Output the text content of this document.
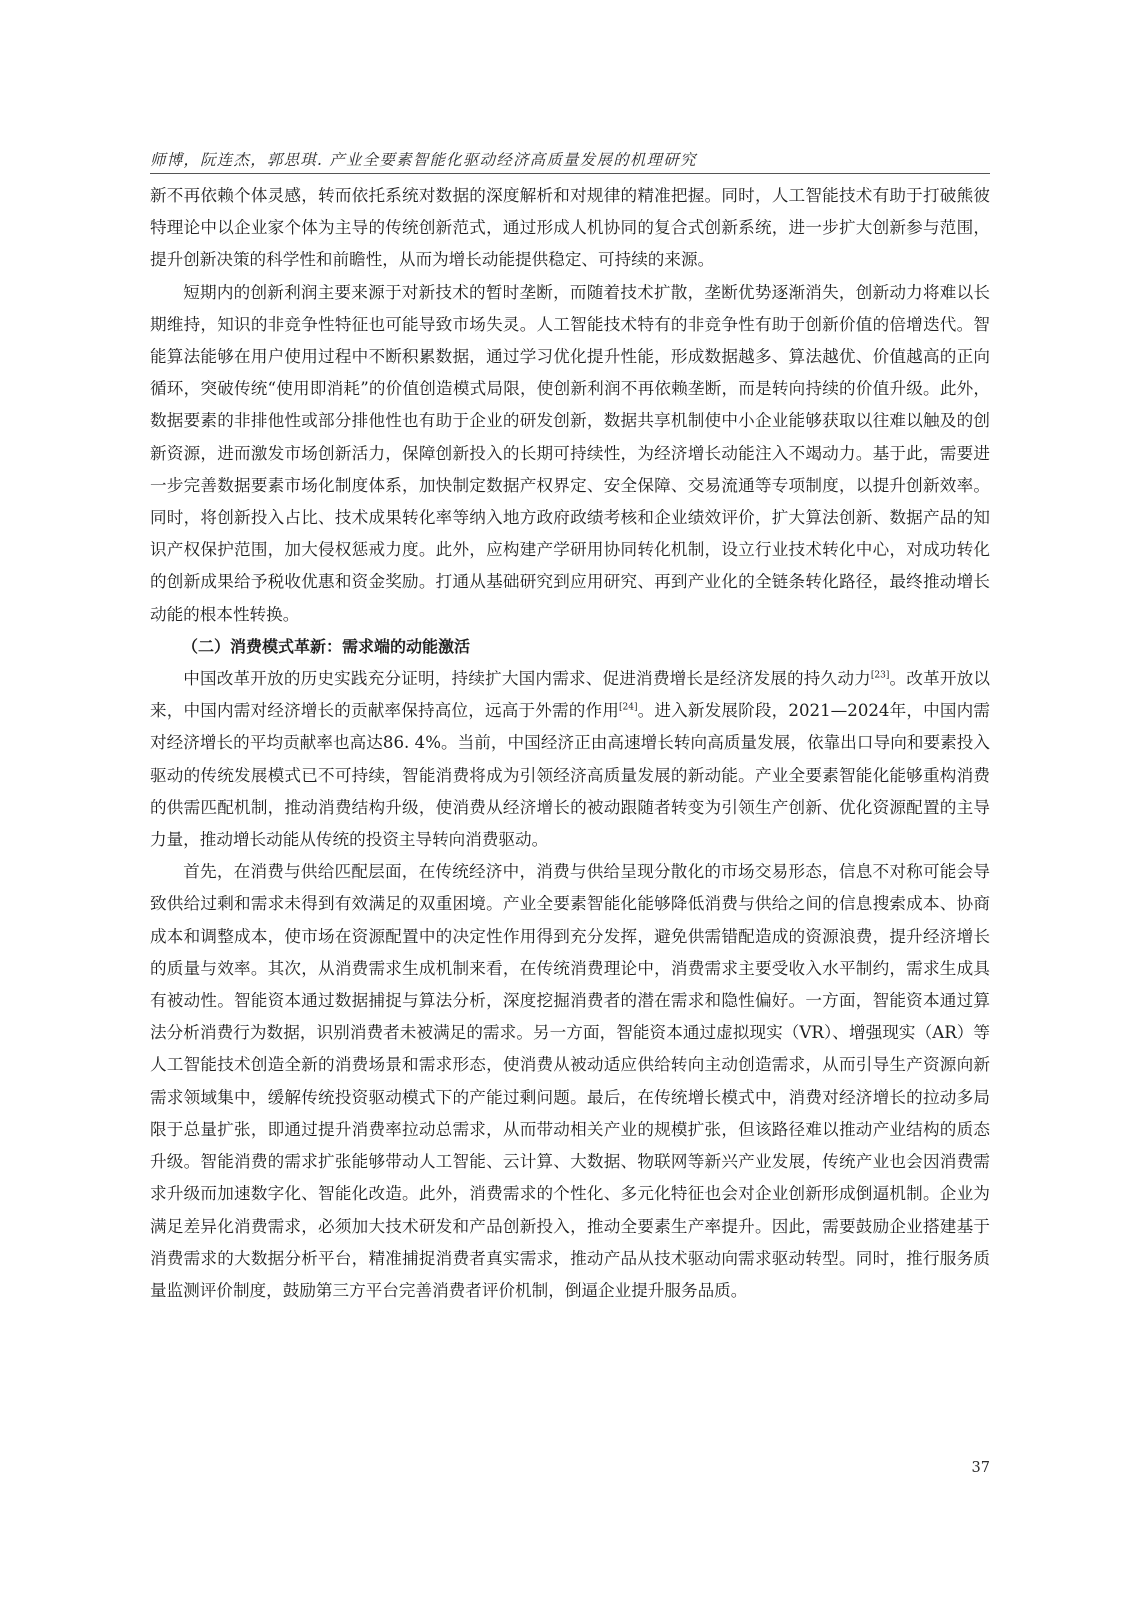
师博，阮连杰，郭思琪. 产业全要素智能化驱动经济高质量发展的机理研究

新不再依赖个体灵感，转而依托系统对数据的深度解析和对规律的精准把握。同时，人工智能技术有助于打破熊彼特理论中以企业家个体为主导的传统创新范式，通过形成人机协同的复合式创新系统，进一步扩大创新参与范围，提升创新决策的科学性和前瞻性，从而为增长动能提供稳定、可持续的来源。

短期内的创新利润主要来源于对新技术的暂时垄断，而随着技术扩散，垄断优势逐渐消失，创新动力将难以长期维持，知识的非竞争性特征也可能导致市场失灵。人工智能技术特有的非竞争性有助于创新价值的倍增迭代。智能算法能够在用户使用过程中不断积累数据，通过学习优化提升性能，形成数据越多、算法越优、价值越高的正向循环，突破传统“使用即消耗”的价值创造模式局限，使创新利润不再依赖垄断，而是转向持续的价值升级。此外，数据要素的非排他性或部分排他性也有助于企业的研发创新，数据共享机制使中小企业能够获取以往难以触及的创新资源，进而激发市场创新活力，保障创新投入的长期可持续性，为经济增长动能注入不竭动力。基于此，需要进一步完善数据要素市场化制度体系，加快制定数据产权界定、安全保障、交易流通等专项制度，以提升创新效率。同时，将创新投入占比、技术成果转化率等纳入地方政府政绩考核和企业绩效评价，扩大算法创新、数据产品的知识产权保护范围，加大侵权惩戒力度。此外，应构建产学研用协同转化机制，设立行业技术转化中心，对成功转化的创新成果给予税收优惠和资金奖励。打通从基础研究到应用研究、再到产业化的全链条转化路径，最终推动增长动能的根本性转换。

（二）消费模式革新：需求端的动能激活

中国改革开放的历史实践充分证明，持续扩大国内需求、促进消费增长是经济发展的持久动力[23]。改革开放以来，中国内需对经济增长的贡献率保持高位，远高于外需的作用[24]。进入新发展阶段，2021—2024年，中国内需对经济增长的平均贡献率也高达86. 4%。当前，中国经济正由高速增长转向高质量发展，依靠出口导向和要素投入驱动的传统发展模式已不可持续，智能消费将成为引领经济高质量发展的新动能。产业全要素智能化能够重构消费的供需匹配机制，推动消费结构升级，使消费从经济增长的被动跟随者转变为引领生产创新、优化资源配置的主导力量，推动增长动能从传统的投资主导转向消费驱动。

首先，在消费与供给匹配层面，在传统经济中，消费与供给呈现分散化的市场交易形态，信息不对称可能会导致供给过剩和需求未得到有效满足的双重困境。产业全要素智能化能够降低消费与供给之间的信息搜索成本、协商成本和调整成本，使市场在资源配置中的决定性作用得到充分发挥，避免供需错配造成的资源浪费，提升经济增长的质量与效率。其次，从消费需求生成机制来看，在传统消费理论中，消费需求主要受收入水平制约，需求生成具有被动性。智能资本通过数据捕捉与算法分析，深度挖掘消费者的潜在需求和隐性偏好。一方面，智能资本通过算法分析消费行为数据，识别消费者未被满足的需求。另一方面，智能资本通过虚拟现实（VR）、增强现实（AR）等人工智能技术创造全新的消费场景和需求形态，使消费从被动适应供给转向主动创造需求，从而引导生产资源向新需求领域集中，缓解传统投资驱动模式下的产能过剩问题。最后，在传统增长模式中，消费对经济增长的拉动多局限于总量扩张，即通过提升消费率拉动总需求，从而带动相关产业的规模扩张，但该路径难以推动产业结构的质态升级。智能消费的需求扩张能够带动人工智能、云计算、大数据、物联网等新兴产业发展，传统产业也会因消费需求升级而加速数字化、智能化改造。此外，消费需求的个性化、多元化特征也会对企业创新形成倒逼机制。企业为满足差异化消费需求，必须加大技术研发和产品创新投入，推动全要素生产率提升。因此，需要鼓励企业搭建基于消费需求的大数据分析平台，精准捕捉消费者真实需求，推动产品从技术驱动向需求驱动转型。同时，推行服务质量监测评价制度，鼓励第三方平台完善消费者评价机制，倒逼企业提升服务品质。

37
